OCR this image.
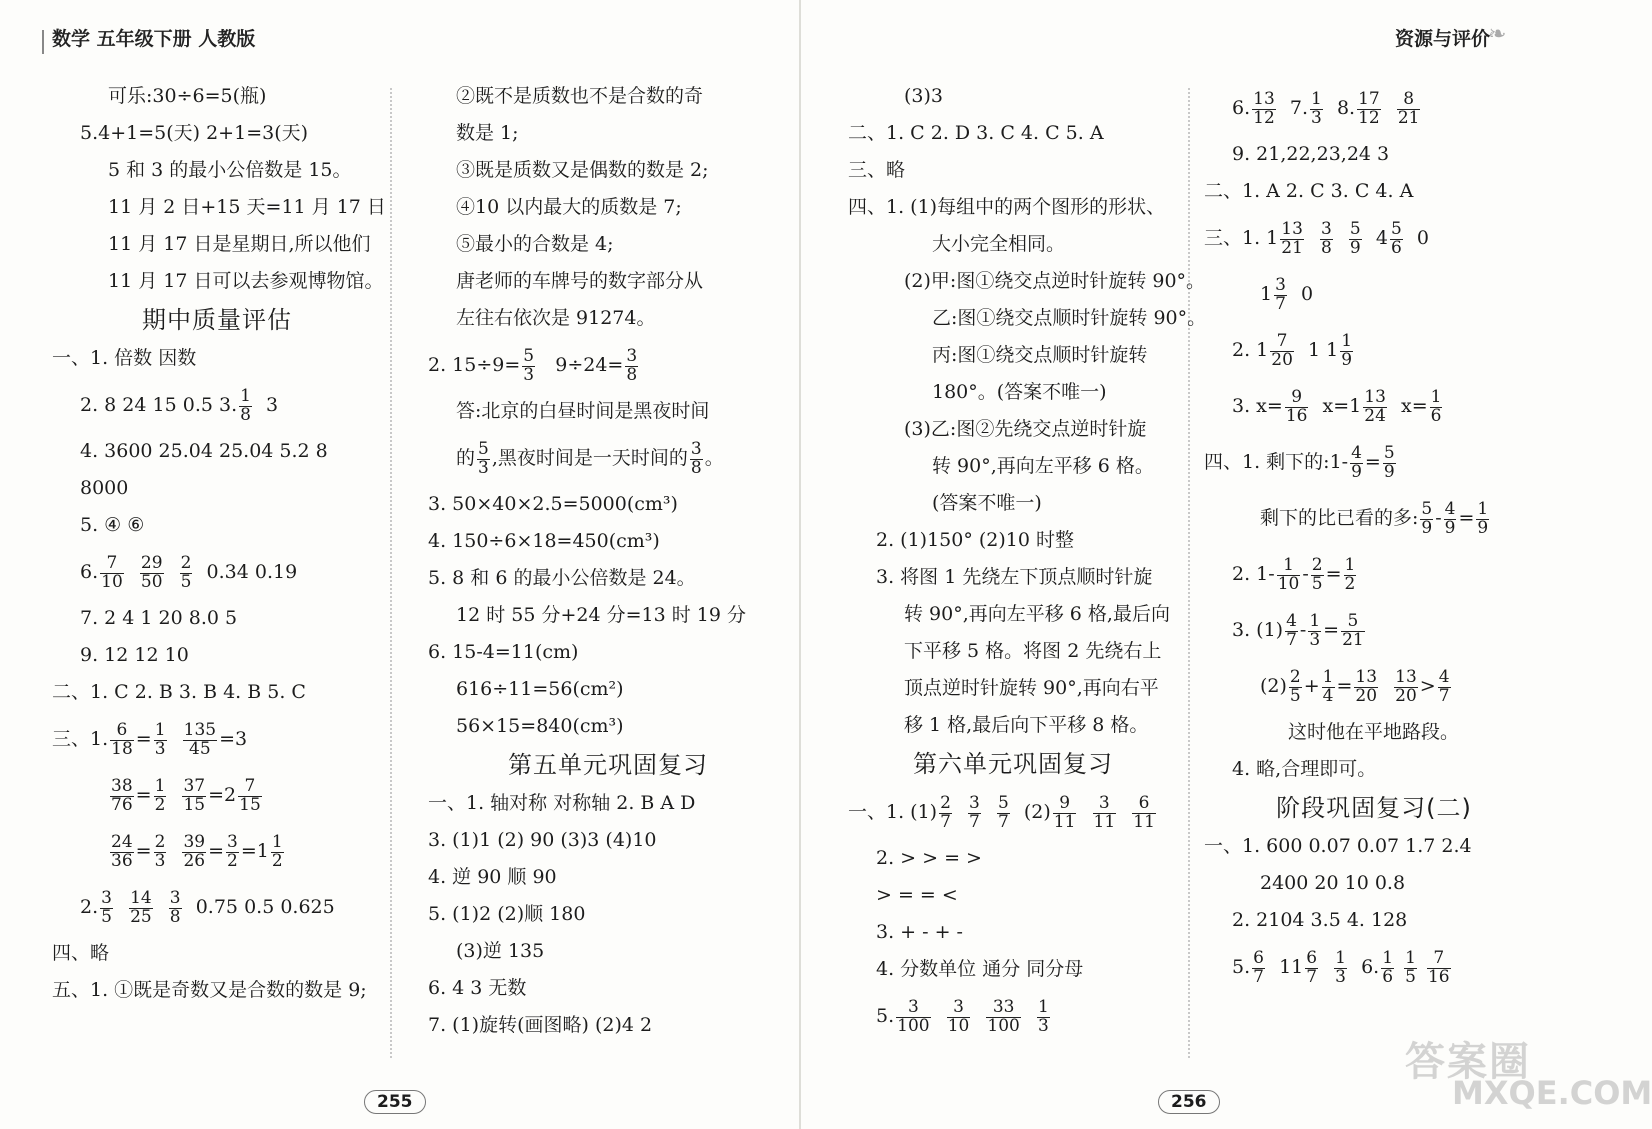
数学 五年级下册 人教版	资源与评价
❧

可乐:30÷6=5(瓶)

5.4+1=5(天) 2+1=3(天)

5 和 3 的最小公倍数是 15。

11 月 2 日+15 天=11 月 17 日

11 月 17 日是星期日,所以他们

11 月 17 日可以去参观博物馆。

期中质量评估

一、1. 倍数 因数

2. 8 24 15 0.5 3. $\frac{1}{8} 3$

4. 3600 25.04 25.04 5.2 8

8000

5. ④ ⑥

6. $\frac{7}{10}$
$\frac{29}{50}$
$\frac{2}{5} 0.34$ 0.19

7. 2 4 1 20 8.0 5

9. 12 12 10

二、1. C 2. B 3. B 4. B 5. C

三、1. $\frac{6}{18} = \frac{1}{3}$
$\frac{135}{45} =3$

$\frac{38}{76} = \frac{1}{2}$
$\frac{37}{15} =2 \frac{7}{15}$

$\frac{24}{36} = \frac{2}{3}$
$\frac{39}{26} = \frac{3}{2} =1 \frac{1}{2}$

2. $\frac{3}{5}$
$\frac{14}{25}$
$\frac{3}{8} 0.75$ 0.5 0.625

四、略

五、1. ①既是奇数又是合数的数是 9;

②既不是质数也不是合数的奇

数是 1;

③既是质数又是偶数的数是 2;

④10 以内最大的质数是 7;

⑤最小的合数是 4;

唐老师的车牌号的数字部分从

左往右依次是 91274。

2. $15\div 9= \frac{5}{3} 9\div 24= \frac{3}{8}$

答:北京的白昼时间是黑夜时间

的 $\frac{5}{3}$ ,黑夜时间是一天时间的 $\frac{3}{8}$ 。

3. 50×40×2.5=5000(cm³)

4. 150÷6×18=450(cm³)

5. 8 和 6 的最小公倍数是 24。

12 时 55 分+24 分=13 时 19 分

6. 15-4=11(cm)

616÷11=56(cm²)

56×15=840(cm³)

第五单元巩固复习

一、1. 轴对称 对称轴 2. B A D

3. (1)1 (2) 90 (3)3 (4)10

4. 逆 90 顺 90

5. (1)2 (2)顺 180

(3)逆 135

6. 4 3 无数

7. (1)旋转(画图略) (2)4 2

(3)3

二、1. C 2. D 3. C 4. C 5. A

三、略

四、1. (1)每组中的两个图形的形状、

大小完全相同。

(2)甲:图①绕交点逆时针旋转 90°。

乙:图①绕交点顺时针旋转 90°。

丙:图①绕交点顺时针旋转

180°。(答案不唯一)

(3)乙:图②先绕交点逆时针旋

转 90°,再向左平移 6 格。

(答案不唯一)

2. (1)150° (2)10 时整

3. 将图 1 先绕左下顶点顺时针旋

转 90°,再向左平移 6 格,最后向

下平移 5 格。将图 2 先绕右上

顶点逆时针旋转 90°,再向右平

移 1 格,最后向下平移 8 格。

第六单元巩固复习

一、1. $(1) \frac{2}{7}$
$\frac{3}{7}$
$\frac{5}{7} (2) \frac{9}{11}$
$\frac{3}{11}$
$\frac{6}{11}$

2. > > = >

> = = <

3. + - + -

4. 分数单位 通分 同分母

5. $\frac{3}{100}$
$\frac{3}{10}$
$\frac{33}{100}$
$\frac{1}{3}$

6. $\frac{13}{12} 7$. $\frac{1}{3} 8$. $\frac{17}{12}$
$\frac{8}{21}$

9. 21,22,23,24 3

二、1. A 2. C 3. C 4. A

三、1. $1 \frac{13}{21}$
$\frac{3}{8}$
$\frac{5}{9} 4 \frac{5}{6} 0$

$1 \frac{3}{7} 0$

2. $1 \frac{7}{20} 1$ $1 \frac{1}{9}$

3. $x= \frac{9}{16} x=1 \frac{13}{24} x= \frac{1}{6}$

四、1. 剩下的:1- $\frac{4}{9} = \frac{5}{9}$

剩下的比已看的多: $\frac{5}{9} - \frac{4}{9} = \frac{1}{9}$

2. $1- \frac{1}{10} - \frac{2}{5} = \frac{1}{2}$

3. $(1) \frac{4}{7} - \frac{1}{3} = \frac{5}{21}$

$(2) \frac{2}{5} + \frac{1}{4} = \frac{13}{20}$
$\frac{13}{20} > \frac{4}{7}$

这时他在平地路段。

4. 略,合理即可。

阶段巩固复习(二)

一、1. 600 0.07 0.07 1.7 2.4

2400 20 10 0.8

2. 2104 3.5 4. 128

5. $\frac{6}{7} 11 \frac{6}{7}$
$\frac{1}{3} 6$. $\frac{1}{6}$
$\frac{1}{5}$
$\frac{7}{16}$

255	256
答案圈
MXQE.COM
